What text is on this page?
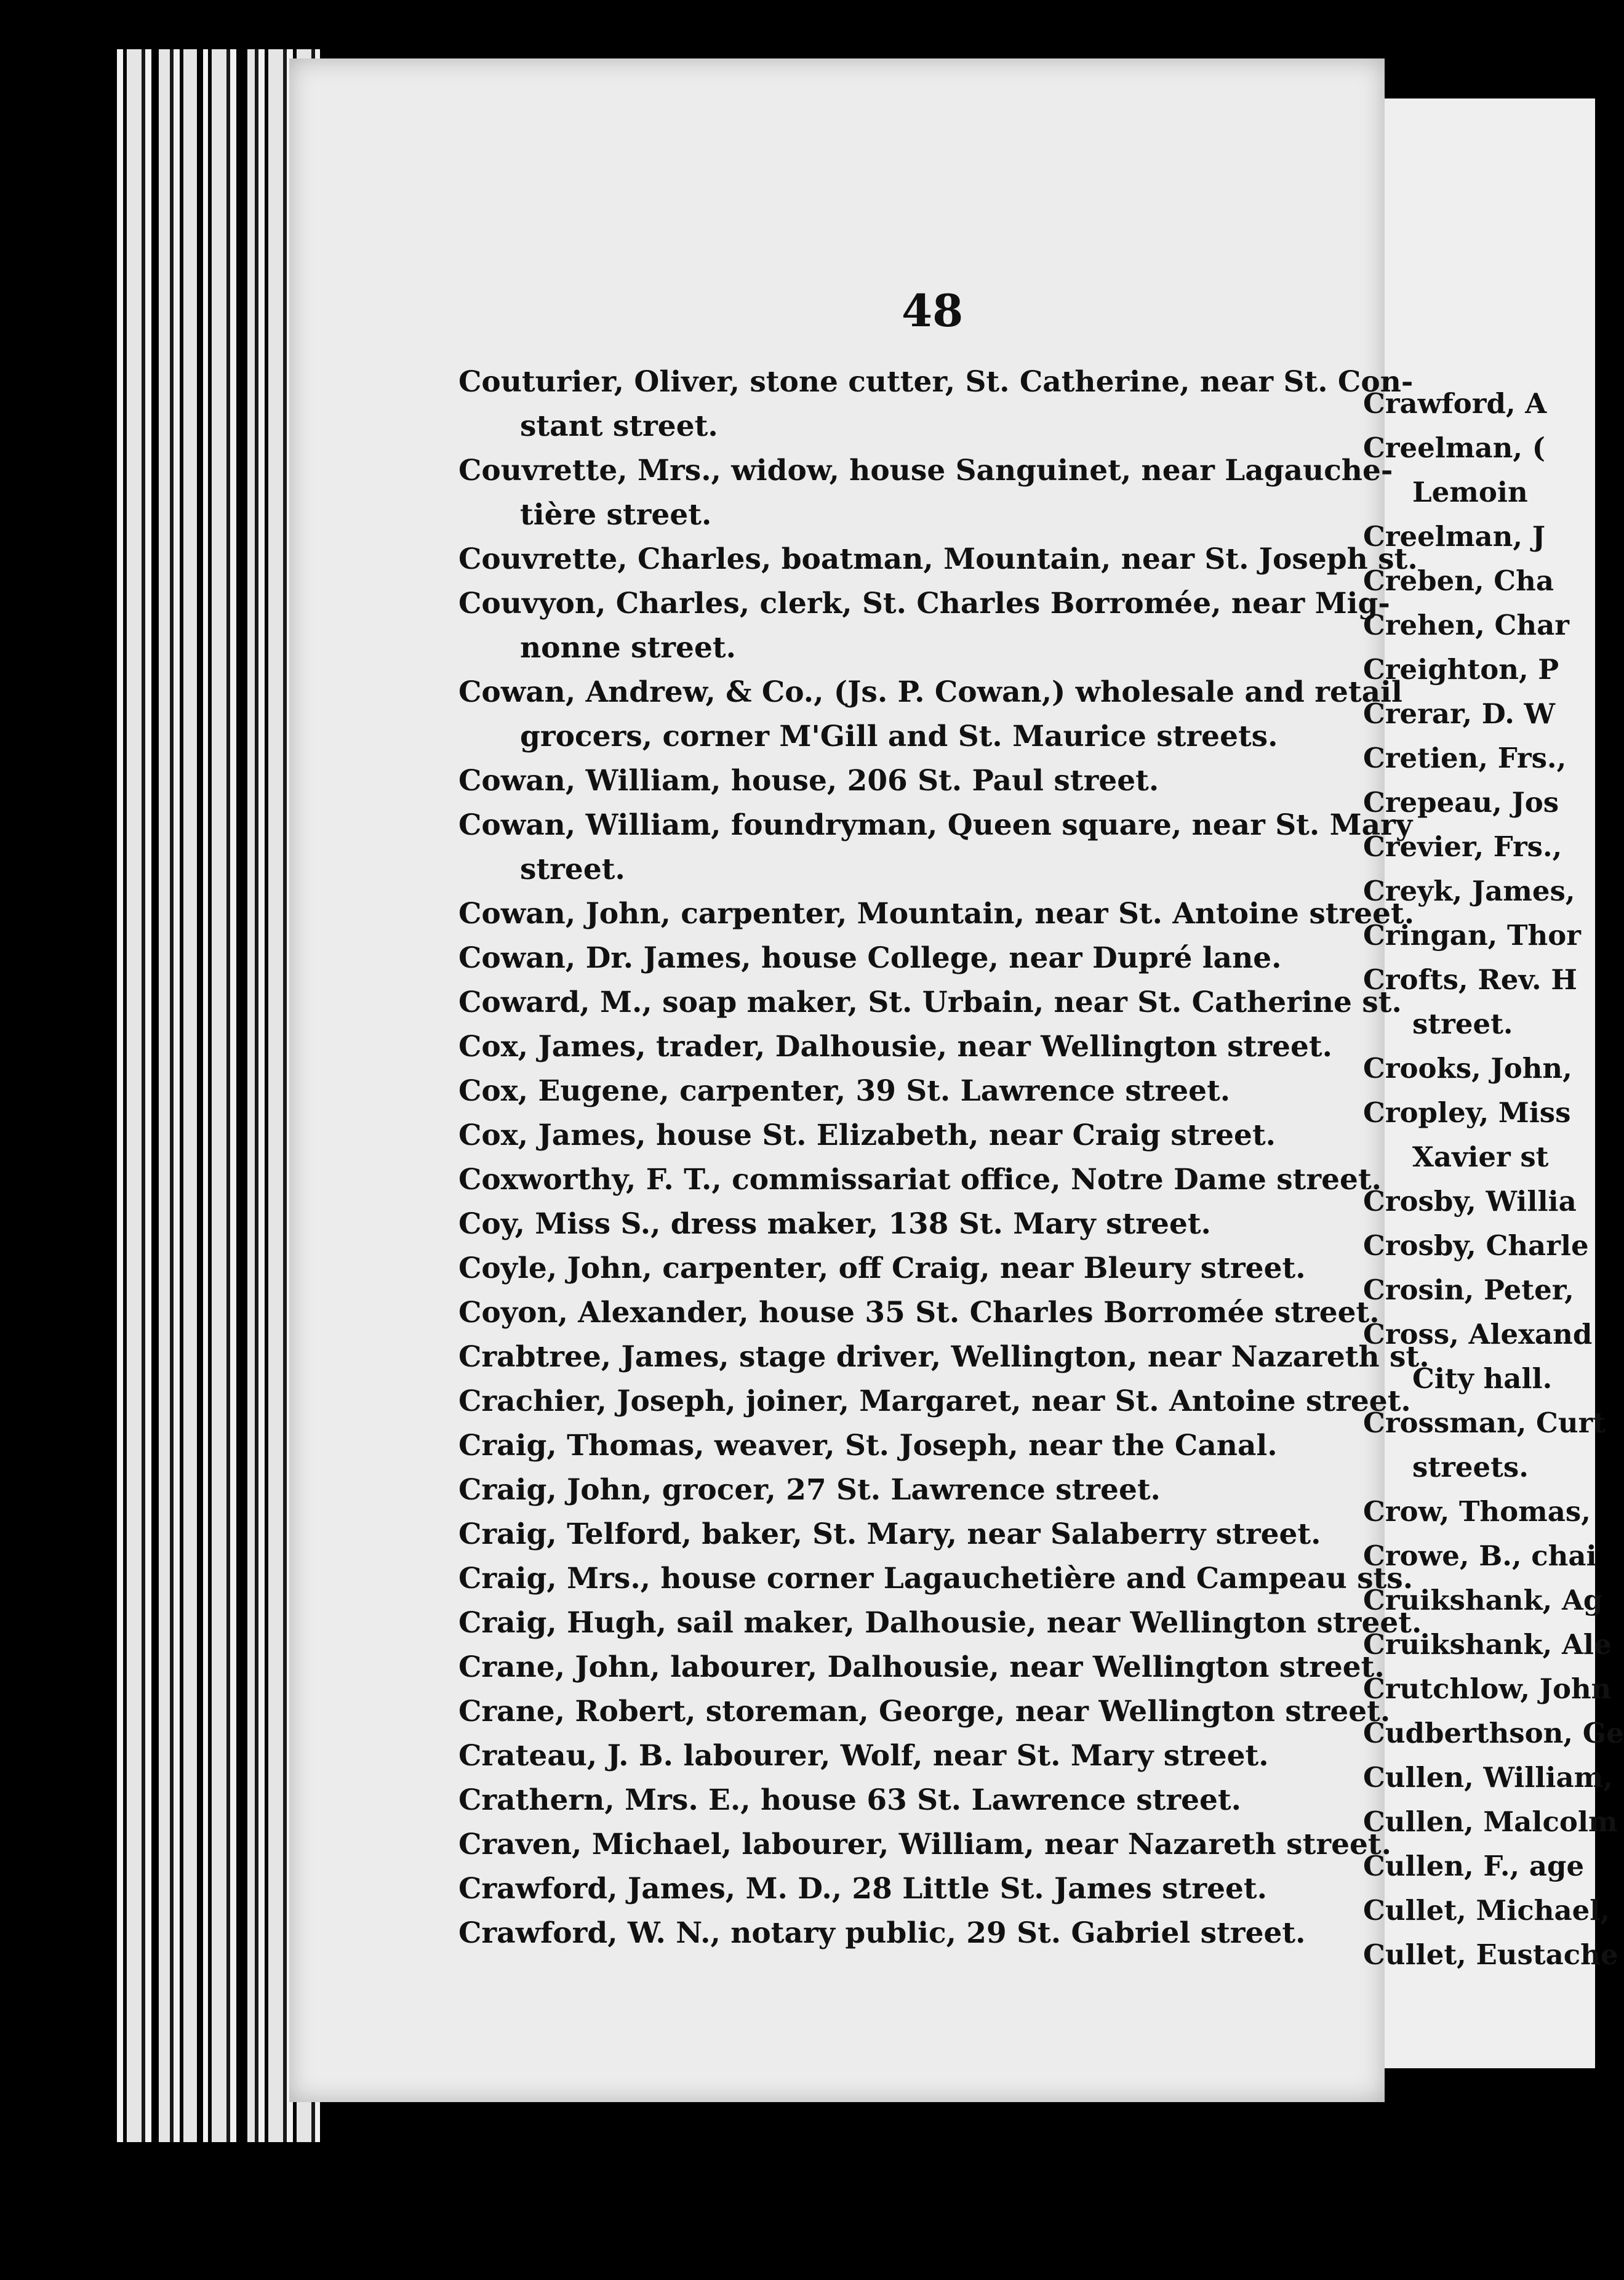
48
Couturier, Oliver, stone cutter, St. Catherine, near St. Con-
stant street.
Couvrette, Mrs., widow, house Sanguinet, near Lagauche-
tière street.
Couvrette, Charles, boatman, Mountain, near St. Joseph st.
Couvyon, Charles, clerk, St. Charles Borromée, near Mig-
nonne street.
Cowan, Andrew, & Co., (Js. P. Cowan,) wholesale and retail
grocers, corner M'Gill and St. Maurice streets.
Cowan, William, house, 206 St. Paul street.
Cowan, William, foundryman, Queen square, near St. Mary
street.
Cowan, John, carpenter, Mountain, near St. Antoine street.
Cowan, Dr. James, house College, near Dupré lane.
Coward, M., soap maker, St. Urbain, near St. Catherine st.
Cox, James, trader, Dalhousie, near Wellington street.
Cox, Eugene, carpenter, 39 St. Lawrence street.
Cox, James, house St. Elizabeth, near Craig street.
Coxworthy, F. T., commissariat office, Notre Dame street.
Coy, Miss S., dress maker, 138 St. Mary street.
Coyle, John, carpenter, off Craig, near Bleury street.
Coyon, Alexander, house 35 St. Charles Borromée street.
Crabtree, James, stage driver, Wellington, near Nazareth st.
Crachier, Joseph, joiner, Margaret, near St. Antoine street.
Craig, Thomas, weaver, St. Joseph, near the Canal.
Craig, John, grocer, 27 St. Lawrence street.
Craig, Telford, baker, St. Mary, near Salaberry street.
Craig, Mrs., house corner Lagauchetière and Campeau sts.
Craig, Hugh, sail maker, Dalhousie, near Wellington street.
Crane, John, labourer, Dalhousie, near Wellington street.
Crane, Robert, storeman, George, near Wellington street.
Crateau, J. B. labourer, Wolf, near St. Mary street.
Crathern, Mrs. E., house 63 St. Lawrence street.
Craven, Michael, labourer, William, near Nazareth street.
Crawford, James, M. D., 28 Little St. James street.
Crawford, W. N., notary public, 29 St. Gabriel street.
Crawford, A
Creelman, (
Lemoin
Creelman, J
Creben, Cha
Crehen, Char
Creighton, P
Crerar, D. W
Cretien, Frs.,
Crepeau, Jos
Crevier, Frs.,
Creyk, James,
Cringan, Thor
Crofts, Rev. H
street.
Crooks, John,
Cropley, Miss
Xavier st
Crosby, Willia
Crosby, Charle
Crosin, Peter,
Cross, Alexand
City hall.
Crossman, Curt
streets.
Crow, Thomas,
Crowe, B., chai
Cruikshank, Ag
Cruikshank, Ale
Crutchlow, John
Cudberthson, Ge
Cullen, William,
Cullen, Malcolm
Cullen, F., age
Cullet, Michael,
Cullet, Eustache
